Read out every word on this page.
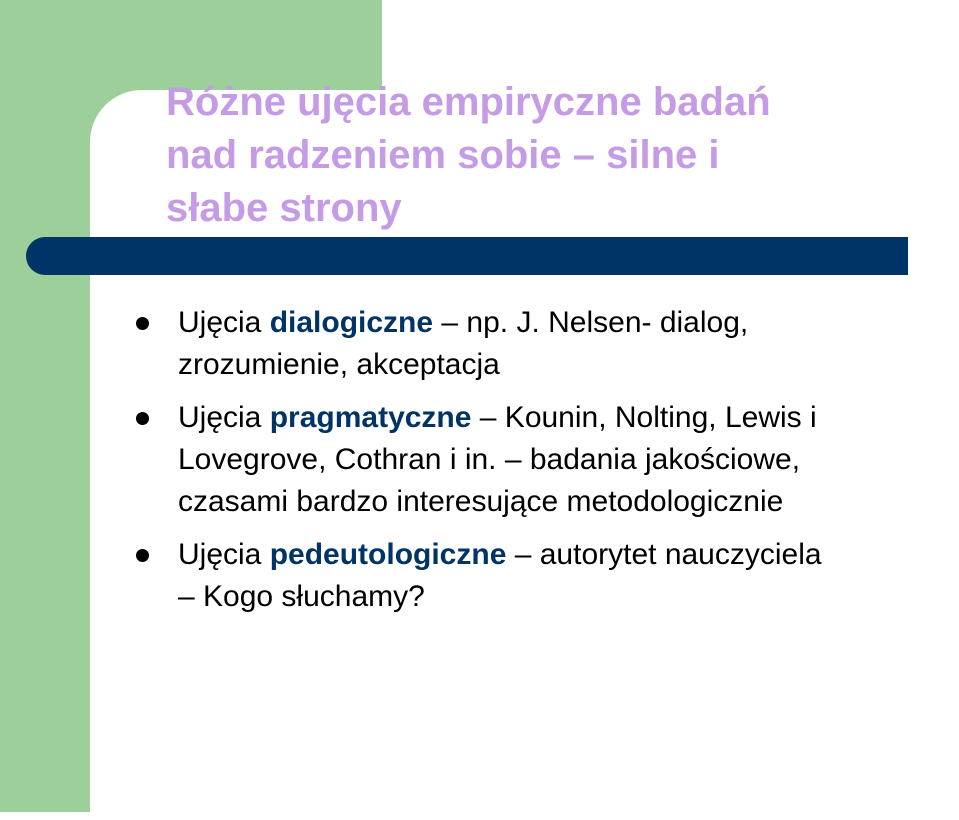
Różne ujęcia empiryczne badań
nad radzeniem sobie – silne i
słabe strony
Ujęcia dialogiczne – np. J. Nelsen- dialog,
zrozumienie, akceptacja
Ujęcia pragmatyczne – Kounin, Nolting, Lewis i
Lovegrove, Cothran i in. – badania jakościowe,
czasami bardzo interesujące metodologicznie
Ujęcia pedeutologiczne – autorytet nauczyciela
– Kogo słuchamy?
